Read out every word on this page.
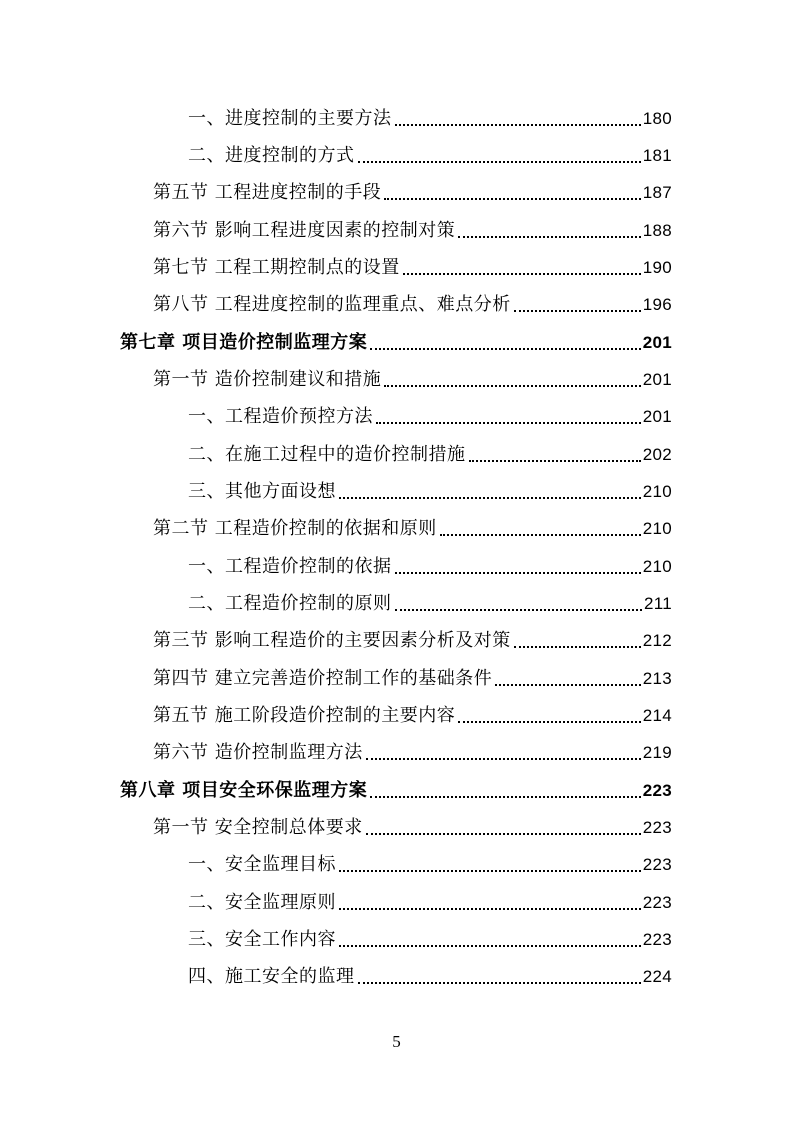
一、进度控制的主要方法	180
二、进度控制的方式	181
第五节 工程进度控制的手段	187
第六节 影响工程进度因素的控制对策	188
第七节 工程工期控制点的设置	190
第八节 工程进度控制的监理重点、难点分析	196
第七章 项目造价控制监理方案	201
第一节 造价控制建议和措施	201
一、工程造价预控方法	201
二、在施工过程中的造价控制措施	202
三、其他方面设想	210
第二节 工程造价控制的依据和原则	210
一、工程造价控制的依据	210
二、工程造价控制的原则	211
第三节 影响工程造价的主要因素分析及对策	212
第四节 建立完善造价控制工作的基础条件	213
第五节 施工阶段造价控制的主要内容	214
第六节 造价控制监理方法	219
第八章 项目安全环保监理方案	223
第一节 安全控制总体要求	223
一、安全监理目标	223
二、安全监理原则	223
三、安全工作内容	223
四、施工安全的监理	224
5
